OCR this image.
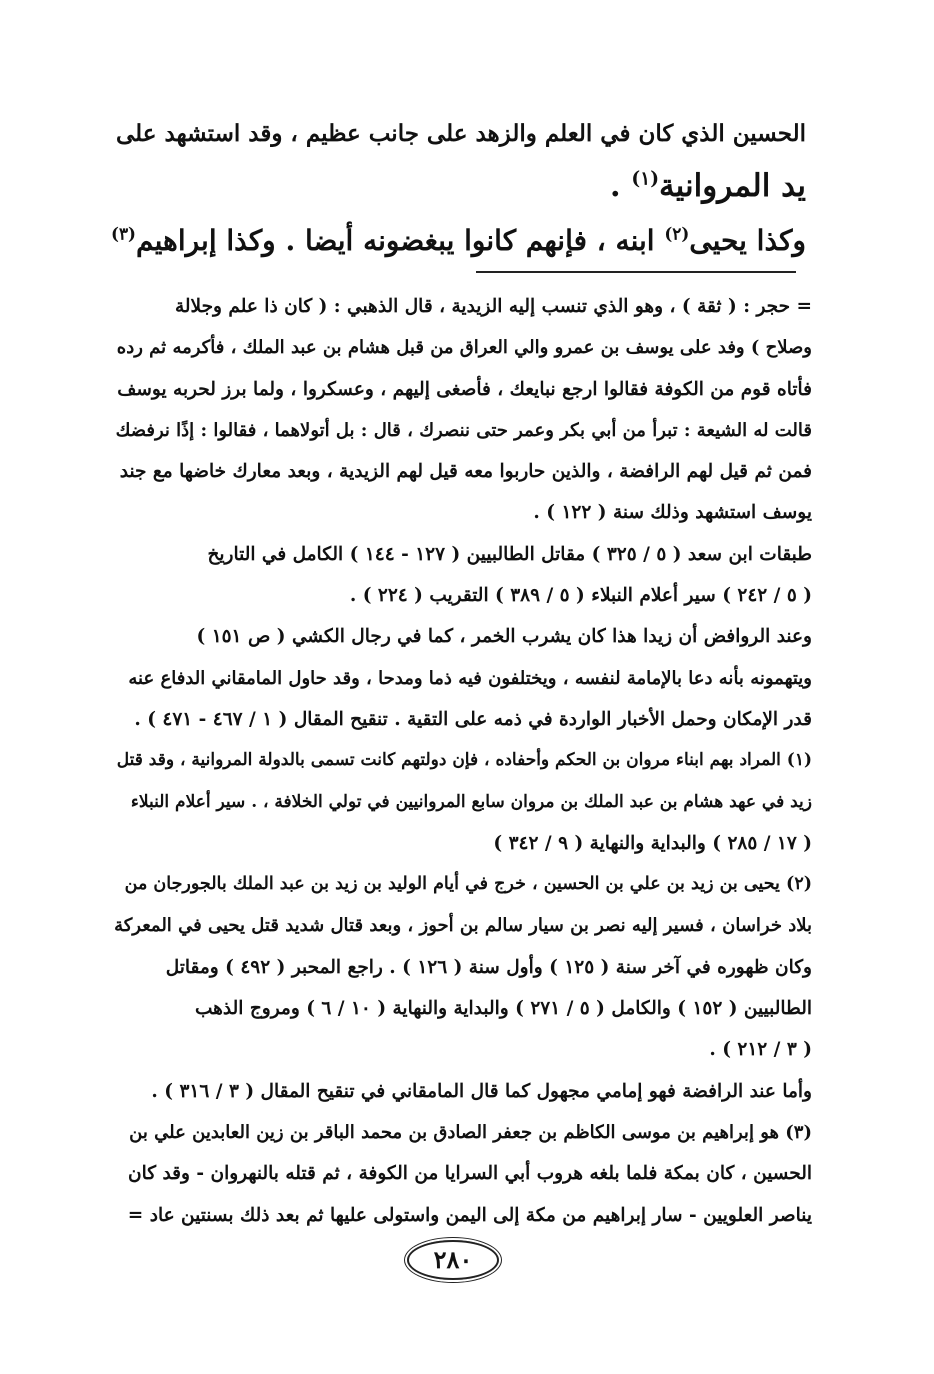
الحسين الذي كان في العلم والزهد على جانب عظيم ، وقد استشهد على
يد المروانية$^{(١)}$ .
وكذا يحيى$^{(٢)}$ ابنه ، فإنهم كانوا يبغضونه أيضا . وكذا إبراهيم$^{(٣)}$
= حجر : ( ثقة ) ، وهو الذي تنسب إليه الزيدية ، قال الذهبي : ( كان ذا علم وجلالة
وصلاح ) وفد على يوسف بن عمرو والي العراق من قبل هشام بن عبد الملك ، فأكرمه ثم رده
فأتاه قوم من الكوفة فقالوا ارجع نبايعك ، فأصغى إليهم ، وعسكروا ، ولما برز لحربه يوسف
قالت له الشيعة : تبرأ من أبي بكر وعمر حتى ننصرك ، قال : بل أتولاهما ، فقالوا : إذًا نرفضك
فمن ثم قيل لهم الرافضة ، والذين حاربوا معه قيل لهم الزيدية ، وبعد معارك خاضها مع جند
يوسف استشهد وذلك سنة ( ١٢٢ ) .
طبقات ابن سعد ( ٥ / ٣٢٥ ) مقاتل الطالبيين ( ١٢٧ - ١٤٤ ) الكامل في التاريخ
( ٥ / ٢٤٢ ) سير أعلام النبلاء ( ٥ / ٣٨٩ ) التقريب ( ٢٢٤ ) .
وعند الروافض أن زيدا هذا كان يشرب الخمر ، كما في رجال الكشي ( ص ١٥١ )
ويتهمونه بأنه دعا بالإمامة لنفسه ، ويختلفون فيه ذما ومدحا ، وقد حاول المامقاني الدفاع عنه
قدر الإمكان وحمل الأخبار الواردة في ذمه على التقية . تنقيح المقال ( ١ / ٤٦٧ - ٤٧١ ) .
(١) المراد بهم ابناء مروان بن الحكم وأحفاده ، فإن دولتهم كانت تسمى بالدولة المروانية ، وقد قتل
زيد في عهد هشام بن عبد الملك بن مروان سابع المروانيين في تولي الخلافة ، . سير أعلام النبلاء
( ١٧ / ٢٨٥ ) والبداية والنهاية ( ٩ / ٣٤٢ )
(٢) يحيى بن زيد بن علي بن الحسين ، خرج في أيام الوليد بن زيد بن عبد الملك بالجورجان من
بلاد خراسان ، فسير إليه نصر بن سيار سالم بن أحوز ، وبعد قتال شديد قتل يحيى في المعركة
وكان ظهوره في آخر سنة ( ١٢٥ ) وأول سنة ( ١٢٦ ) . راجع المحبر ( ٤٩٢ ) ومقاتل
الطالبيين ( ١٥٢ ) والكامل ( ٥ / ٢٧١ ) والبداية والنهاية ( ١٠ / ٦ ) ومروج الذهب
( ٣ / ٢١٢ ) .
وأما عند الرافضة فهو إمامي مجهول كما قال المامقاني في تنقيح المقال ( ٣ / ٣١٦ ) .
(٣) هو إبراهيم بن موسى الكاظم بن جعفر الصادق بن محمد الباقر بن زين العابدين علي بن
الحسين ، كان بمكة فلما بلغه هروب أبي السرايا من الكوفة ، ثم قتله بالنهروان - وقد كان
يناصر العلويين - سار إبراهيم من مكة إلى اليمن واستولى عليها ثم بعد ذلك بسنتين عاد =
٢٨٠
